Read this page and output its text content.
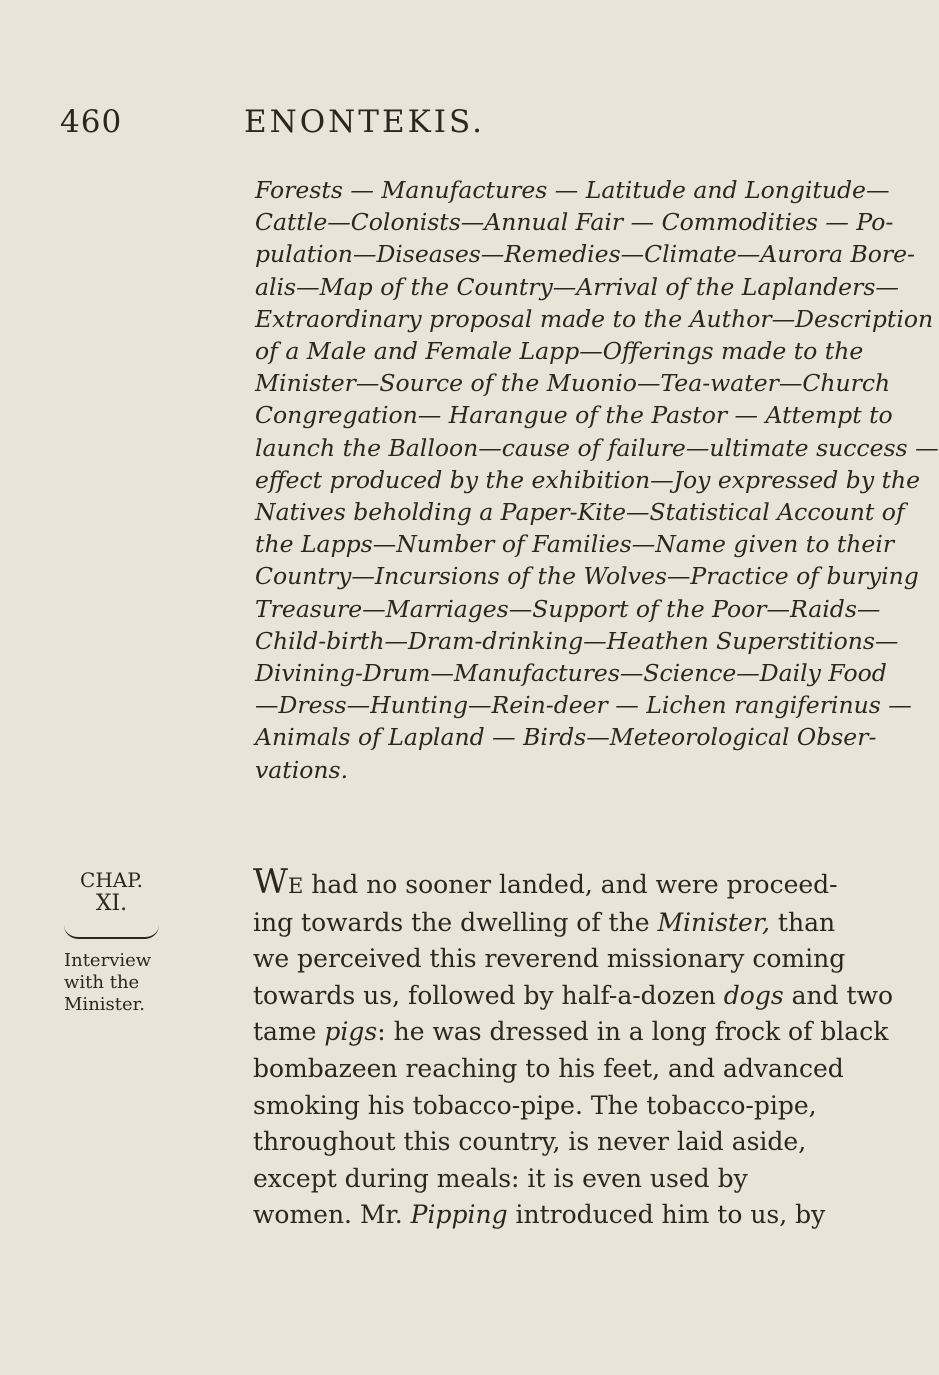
460	ENONTEKIS.
Forests — Manufactures — Latitude and Longitude—
Cattle—Colonists—Annual Fair — Commodities — Po-
pulation—Diseases—Remedies—Climate—Aurora Bore-
alis—Map of the Country—Arrival of the Laplanders—
Extraordinary proposal made to the Author—Description
of a Male and Female Lapp—Offerings made to the
Minister—Source of the Muonio—Tea-water—Church
Congregation— Harangue of the Pastor — Attempt to
launch the Balloon—cause of failure—ultimate success —
effect produced by the exhibition—Joy expressed by the
Natives beholding a Paper-Kite—Statistical Account of
the Lapps—Number of Families—Name given to their
Country—Incursions of the Wolves—Practice of burying
Treasure—Marriages—Support of the Poor—Raids—
Child-birth—Dram-drinking—Heathen Superstitions—
Divining-Drum—Manufactures—Science—Daily Food
—Dress—Hunting—Rein-deer — Lichen rangiferinus —
Animals of Lapland — Birds—Meteorological Obser-
vations.
CHAP.
XI.
Interview
with the
Minister.
WE had no sooner landed, and were proceed-
ing towards the dwelling of the Minister, than
we perceived this reverend missionary coming
towards us, followed by half-a-dozen dogs and two
tame pigs: he was dressed in a long frock of black
bombazeen reaching to his feet, and advanced
smoking his tobacco-pipe. The tobacco-pipe,
throughout this country, is never laid aside,
except during meals: it is even used by
women. Mr. Pipping introduced him to us, by
